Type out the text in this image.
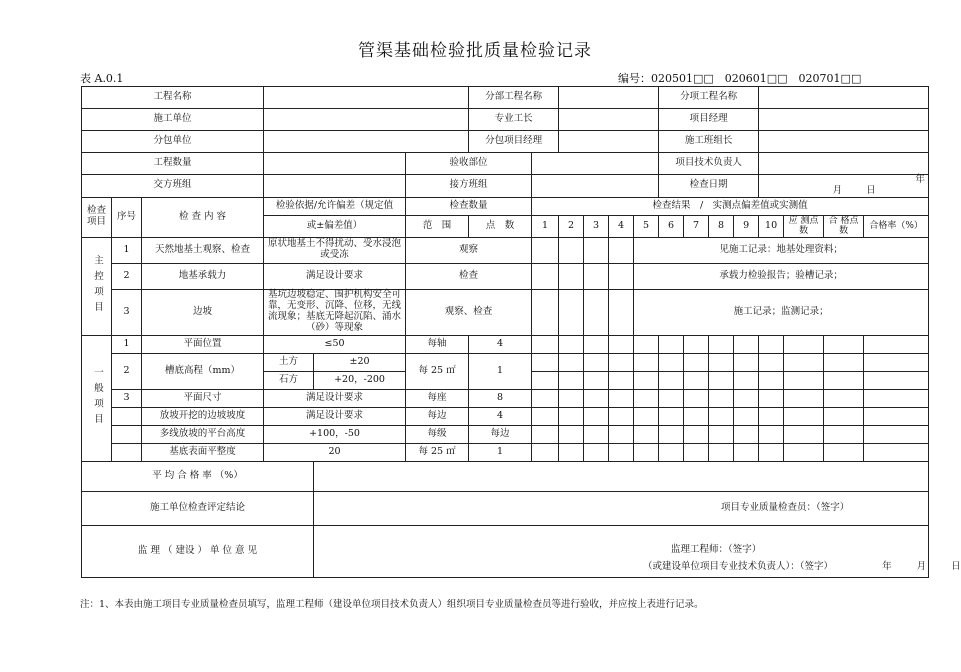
管渠基础检验批质量检验记录
表 A.0.1	编号：020501□□　020601□□　020701□□
工程名称						分部工程名称						分项工程名称							
施工单位						专业工长						项目经理							
分包单位						分包项目经理						施工班组长							
工程数量					验收部位							项目技术负责人							
交方班组					接方班组							检查日期				年  月 日			
检查项目	序号	检 查 内 容	检验依据/允许偏差（规定值		检查数量		检查结果　/　实测点偏差值或实测值												
			或±偏差值）		范　围	点　数	1	2	3	4	5	6	7	8	9	10	应 测点 数	合 格点 数	合格率（%）
主控项目	1	天然地基土观察、检查	原状地基土不得扰动、受水浸泡或受冻		观察						见施工记录：地基处理资料；								
	2	地基承载力	满足设计要求		检查						承载力检验报告；验槽记录；								
	3	边坡	基坑边坡稳定、围护机构安全可靠，无变形、沉降、位移，无线流现象；基底无降起沉陷、涌水（砂）等现象		观察、检查						施工记录；监测记录；								
一般项目	1	平面位置	≤50		每轴	4													
	2	槽底高程（mm）	土方	±20	每 25 ㎡	1													
			石方	+20，-200															
	3	平面尺寸	满足设计要求		每座	8													
		放坡开挖的边坡坡度	满足设计要求		每边	4													
		多线放坡的平台高度	+100，-50		每级	每边													
		基底表面平整度	20		每 25 ㎡	1													
平 均 合 格 率 （%）																			
施工单位检查评定结论				项目专业质量检查员：（签字）															
监 理 （ 建设 ） 单 位 意 见				监理工程师：（签字）
（或建设单位项目专业技术负责人）：（签字） 年 月 日															
注：1、本表由施工项目专业质量检查员填写，监理工程师（建设单位项目技术负责人）组织项目专业质量检查员等进行验收，并应按上表进行记录。
